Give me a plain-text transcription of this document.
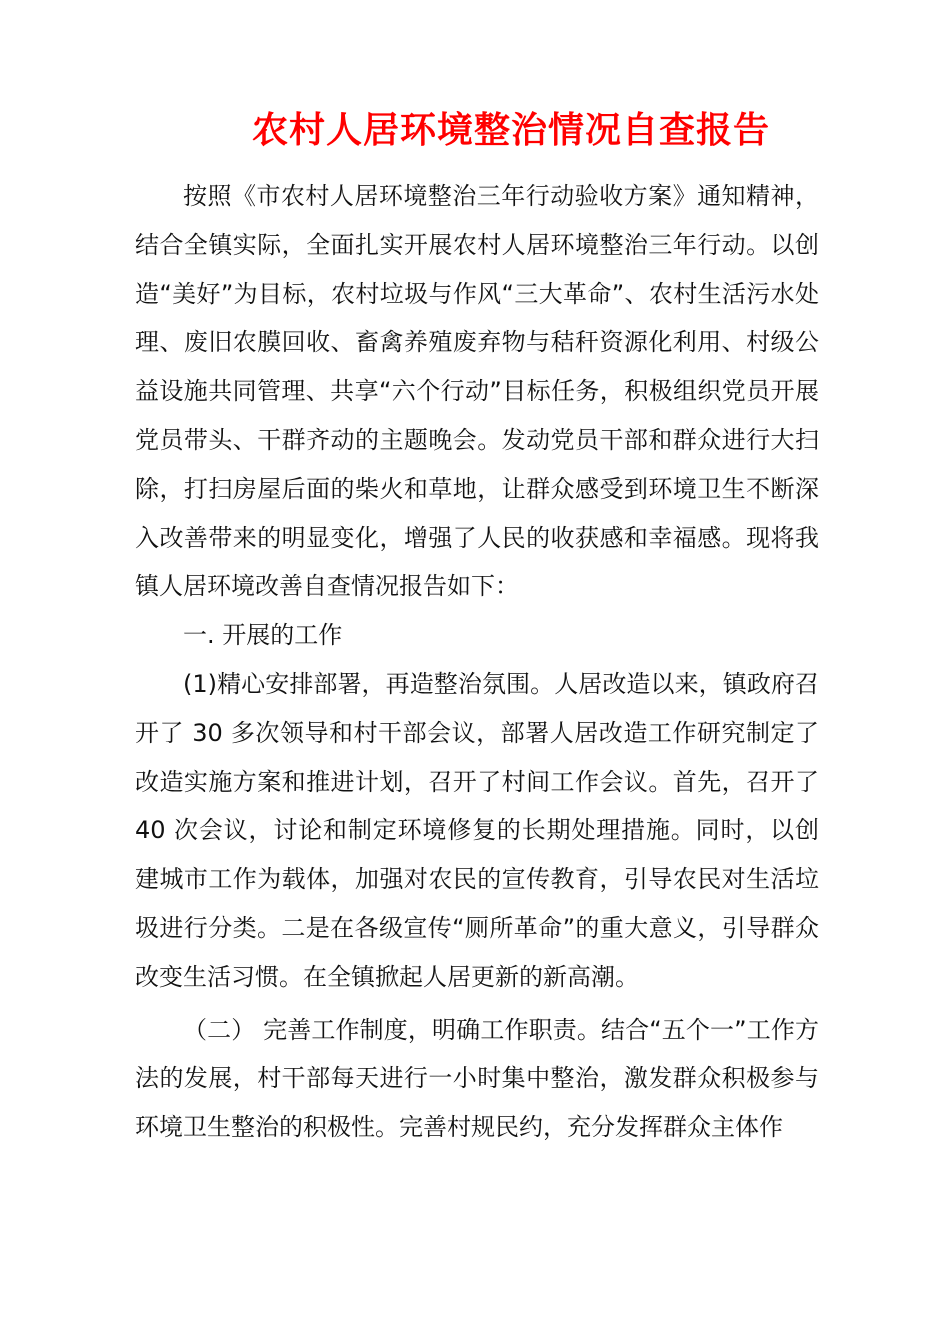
农村人居环境整治情况自查报告

按照《市农村人居环境整治三年行动验收方案》通知精神，结合全镇实际，全面扎实开展农村人居环境整治三年行动。以创造“美好”为目标，农村垃圾与作风“三大革命”、农村生活污水处理、废旧农膜回收、畜禽养殖废弃物与秸秆资源化利用、村级公益设施共同管理、共享“六个行动”目标任务，积极组织党员开展党员带头、干群齐动的主题晚会。发动党员干部和群众进行大扫除，打扫房屋后面的柴火和草地，让群众感受到环境卫生不断深入改善带来的明显变化，增强了人民的收获感和幸福感。现将我镇人居环境改善自查情况报告如下：

一. 开展的工作

(1)精心安排部署，再造整治氛围。人居改造以来，镇政府召开了 30 多次领导和村干部会议，部署人居改造工作研究制定了改造实施方案和推进计划，召开了村间工作会议。首先，召开了 40 次会议，讨论和制定环境修复的长期处理措施。同时，以创建城市工作为载体，加强对农民的宣传教育，引导农民对生活垃圾进行分类。二是在各级宣传“厕所革命”的重大意义，引导群众改变生活习惯。在全镇掀起人居更新的新高潮。

（二） 完善工作制度，明确工作职责。结合“五个一”工作方法的发展，村干部每天进行一小时集中整治，激发群众积极参与环境卫生整治的积极性。完善村规民约，充分发挥群众主体作
